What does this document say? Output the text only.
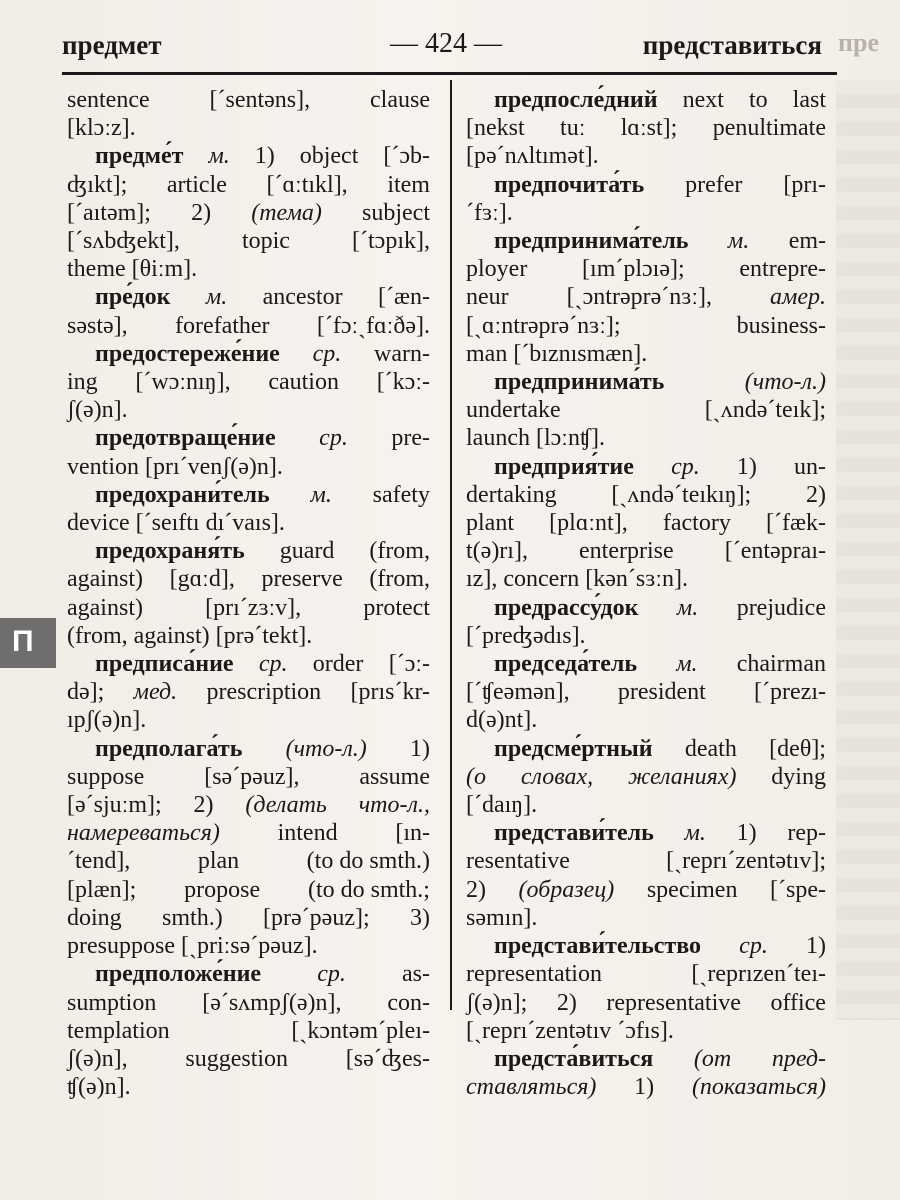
пре
предмет	— 424 —	представиться
П
sentence [ˊsentəns], clause
[klɔːz].
предме́т м. 1) object [ˊɔb-
ʤıkt]; article [ˊɑːtıkl], item
[ˊaıtəm]; 2) (тема) subject
[ˊsʌbʤekt],	topic	[ˊtɔpık],
theme [θiːm].
пре́док м. ancestor [ˊæn-
səstə], forefather [ˊfɔːˏfɑːðə].
предостереже́ние ср. warn-
ing [ˊwɔːnıŋ], caution [ˊkɔː-
ʃ(ə)n].
предотвраще́ние ср. pre-
vention [prıˊvenʃ(ə)n].
предохрани́тель м. safety
device [ˊseıftı dıˊvaıs].
предохраня́ть guard (from,
against) [gɑːd], preserve (from,
against)	[prıˊzɜːv],	protect
(from, against) [prəˊtekt].
предписа́ние ср. order [ˊɔː-
də]; мед. prescription [prısˊkr-
ıpʃ(ə)n].
предполага́ть (что-л.) 1)
suppose [səˊpəuz], assume
[əˊsjuːm]; 2) (делать что-л.,
намереваться) intend [ın-
ˊtend],	plan	(to do smth.)
[plæn]; propose (to do smth.;
doing smth.) [prəˊpəuz]; 3)
presuppose [ˏpriːsəˊpəuz].
предположе́ние ср. as-
sumption [əˊsʌmpʃ(ə)n], con-
templation	[ˏkɔntəmˊpleı-
ʃ(ə)n], suggestion [səˊʤes-
ʧ(ə)n].
предпосле́дний next to last
[nekst tuː lɑːst]; penultimate
[pəˊnʌltımət].
предпочита́ть prefer [prı-
ˊfɜː].
предпринима́тель м. em-
ployer [ımˊplɔıə]; entrepre-
neur [ˏɔntrəprəˊnɜː], амер.
[ˏɑːntrəprəˊnɜː];	business-
man [ˊbıznısmæn].
предпринима́ть	(что-л.)
undertake	[ˏʌndəˊteık];
launch [lɔːnʧ].
предприя́тие ср. 1) un-
dertaking [ˏʌndəˊteıkıŋ]; 2)
plant [plɑːnt], factory [ˊfæk-
t(ə)rı], enterprise [ˊentəpraı-
ız], concern [kənˊsɜːn].
предрассу́док м. prejudice
[ˊpreʤədıs].
председа́тель м. chairman
[ˊʧeəmən], president [ˊprezı-
d(ə)nt].
предсме́ртный death [deθ];
(о словах, желаниях) dying
[ˊdaıŋ].
представи́тель м. 1) rep-
resentative	[ˏreprıˊzentətıv];
2) (образец) specimen [ˊspe-
səmın].
представи́тельство ср. 1)
representation	[ˏreprızenˊteı-
ʃ(ə)n]; 2) representative office
[ˏreprıˊzentətıv ˊɔfıs].
предста́виться (от пред-
ставляться) 1) (показаться)
